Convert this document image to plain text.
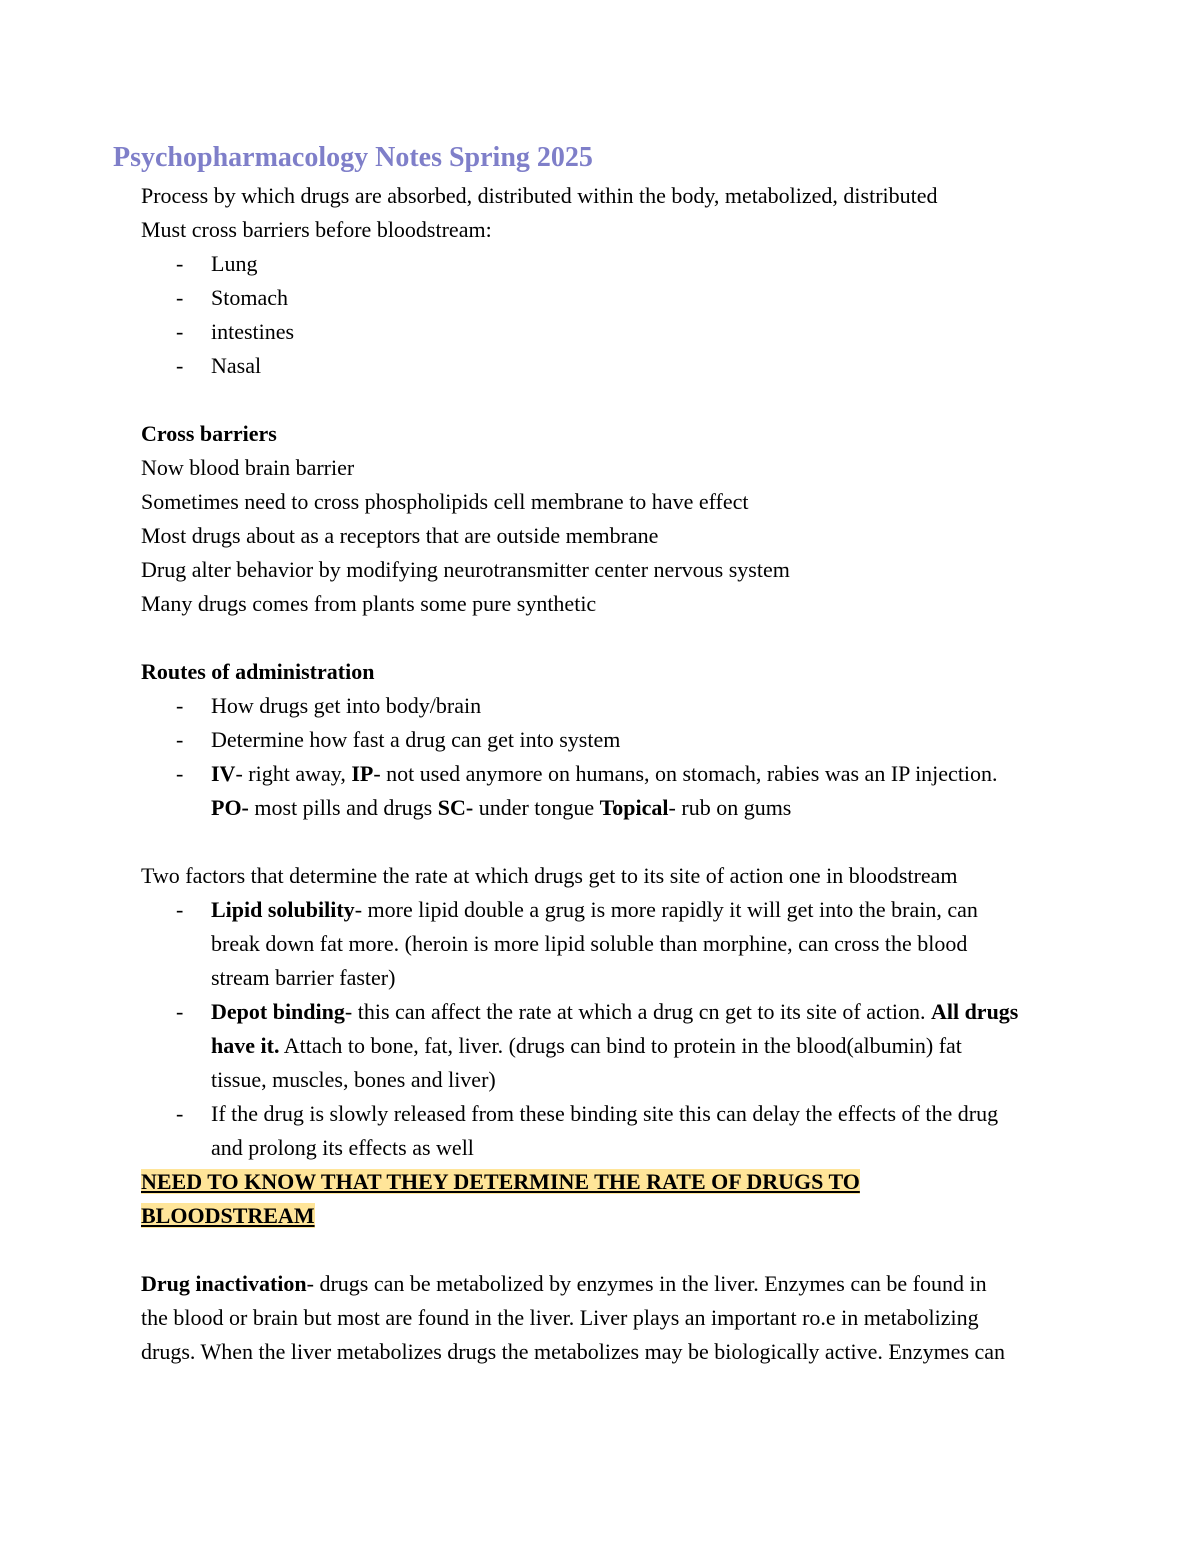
Psychopharmacology Notes Spring 2025

Process by which drugs are absorbed, distributed within the body, metabolized, distributed

Must cross barriers before bloodstream:

- Lung
- Stomach
- intestines
- Nasal

Cross barriers

Now blood brain barrier

Sometimes need to cross phospholipids cell membrane to have effect

Most drugs about as a receptors that are outside membrane

Drug alter behavior by modifying neurotransmitter center nervous system

Many drugs comes from plants some pure synthetic

Routes of administration

- How drugs get into body/brain
- Determine how fast a drug can get into system
- IV- right away, IP- not used anymore on humans, on stomach, rabies was an IP injection.
PO- most pills and drugs SC- under tongue Topical- rub on gums

Two factors that determine the rate at which drugs get to its site of action one in bloodstream

- Lipid solubility- more lipid double a grug is more rapidly it will get into the brain, can
break down fat more. (heroin is more lipid soluble than morphine, can cross the blood
stream barrier faster)
- Depot binding- this can affect the rate at which a drug cn get to its site of action. All drugs
have it. Attach to bone, fat, liver. (drugs can bind to protein in the blood(albumin) fat
tissue, muscles, bones and liver)
- If the drug is slowly released from these binding site this can delay the effects of the drug
and prolong its effects as well

NEED TO KNOW THAT THEY DETERMINE THE RATE OF DRUGS TO

BLOODSTREAM

Drug inactivation- drugs can be metabolized by enzymes in the liver. Enzymes can be found in

the blood or brain but most are found in the liver. Liver plays an important ro.e in metabolizing

drugs. When the liver metabolizes drugs the metabolizes may be biologically active. Enzymes can
